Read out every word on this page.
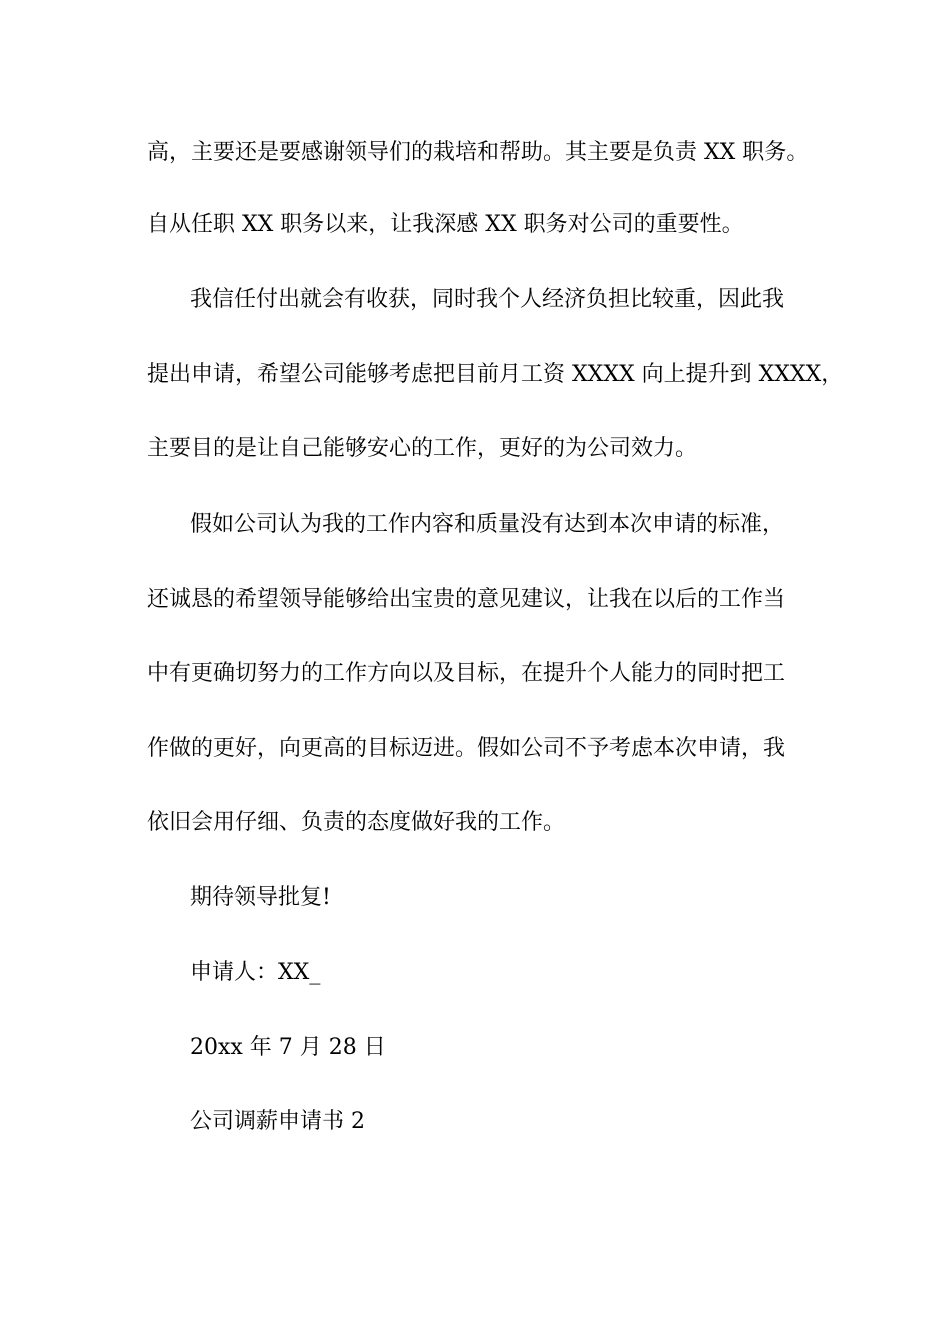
高，主要还是要感谢领导们的栽培和帮助。其主要是负责 XX 职务。
自从任职 XX 职务以来，让我深感 XX 职务对公司的重要性。
我信任付出就会有收获，同时我个人经济负担比较重，因此我
提出申请，希望公司能够考虑把目前月工资 XXXX 向上提升到 XXXX，
主要目的是让自己能够安心的工作，更好的为公司效力。
假如公司认为我的工作内容和质量没有达到本次申请的标准，
还诚恳的希望领导能够给出宝贵的意见建议，让我在以后的工作当
中有更确切努力的工作方向以及目标，在提升个人能力的同时把工
作做的更好，向更高的目标迈进。假如公司不予考虑本次申请，我
依旧会用仔细、负责的态度做好我的工作。
期待领导批复!
申请人：XX_
20xx 年 7 月 28 日
公司调薪申请书 2
